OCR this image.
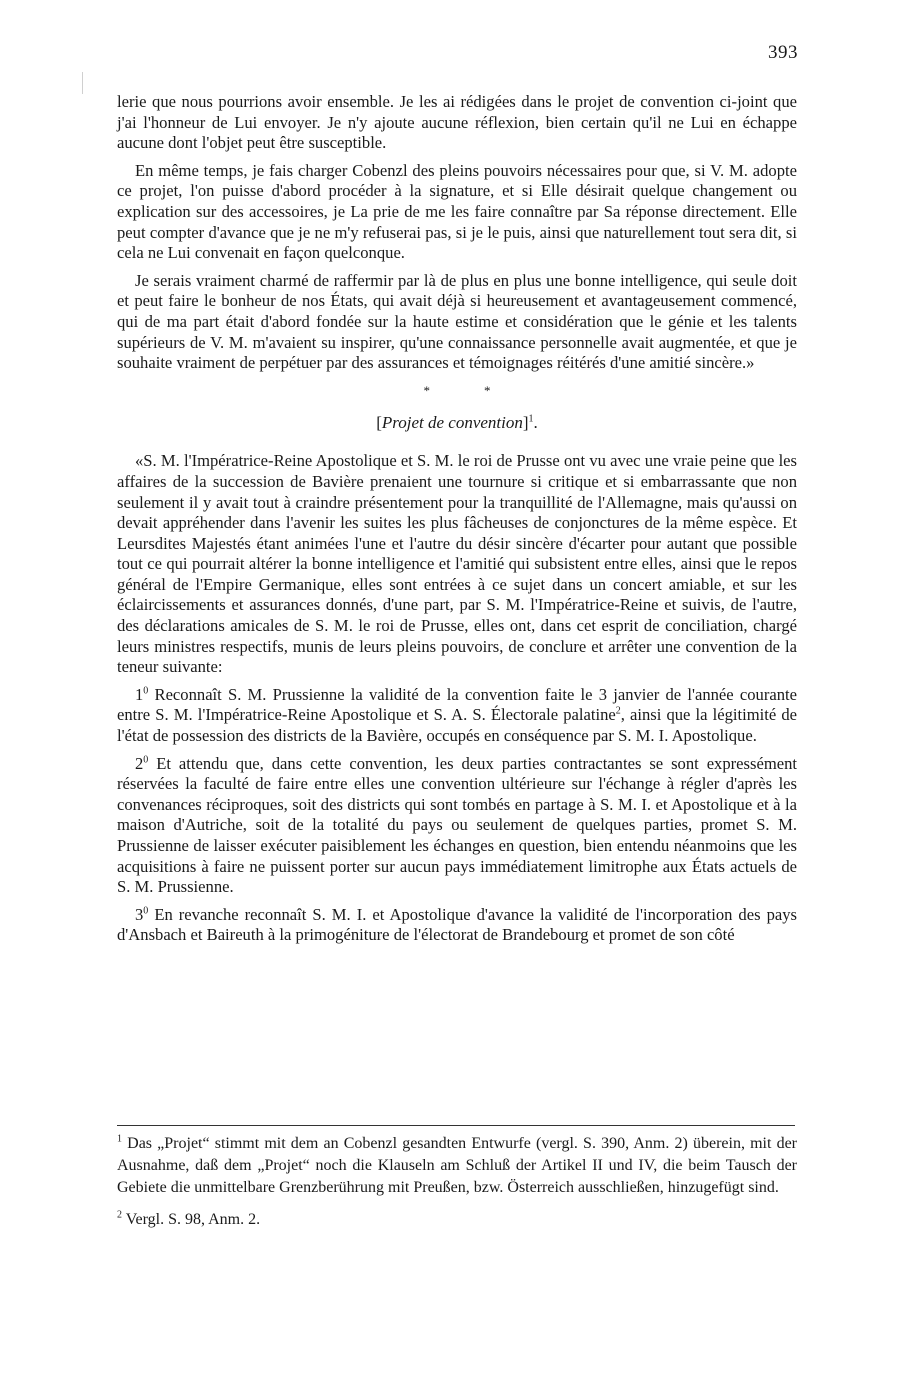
393

lerie que nous pourrions avoir ensemble. Je les ai rédigées dans le projet de convention ci-joint que j'ai l'honneur de Lui envoyer. Je n'y ajoute aucune réflexion, bien certain qu'il ne Lui en échappe aucune dont l'objet peut être susceptible.

En même temps, je fais charger Cobenzl des pleins pouvoirs nécessaires pour que, si V. M. adopte ce projet, l'on puisse d'abord procéder à la signature, et si Elle désirait quelque changement ou explication sur des accessoires, je La prie de me les faire connaître par Sa réponse directement. Elle peut compter d'avance que je ne m'y refuserai pas, si je le puis, ainsi que naturellement tout sera dit, si cela ne Lui convenait en façon quelconque.

Je serais vraiment charmé de raffermir par là de plus en plus une bonne intelligence, qui seule doit et peut faire le bonheur de nos États, qui avait déjà si heureusement et avantageusement commencé, qui de ma part était d'abord fondée sur la haute estime et considération que le génie et les talents supérieurs de V. M. m'avaient su inspirer, qu'une connaissance personnelle avait augmentée, et que je souhaite vraiment de perpétuer par des assurances et témoignages réitérés d'une amitié sincère.»

*	*
[Projet de convention]$^1$.

«S. M. l'Impératrice-Reine Apostolique et S. M. le roi de Prusse ont vu avec une vraie peine que les affaires de la succession de Bavière prenaient une tournure si critique et si embarrassante que non seulement il y avait tout à craindre présentement pour la tranquillité de l'Allemagne, mais qu'aussi on devait appréhender dans l'avenir les suites les plus fâcheuses de conjonctures de la même espèce. Et Leursdites Majestés étant animées l'une et l'autre du désir sincère d'écarter pour autant que possible tout ce qui pourrait altérer la bonne intelligence et l'amitié qui subsistent entre elles, ainsi que le repos général de l'Empire Germanique, elles sont entrées à ce sujet dans un concert amiable, et sur les éclaircissements et assurances donnés, d'une part, par S. M. l'Impératrice-Reine et suivis, de l'autre, des déclarations amicales de S. M. le roi de Prusse, elles ont, dans cet esprit de conciliation, chargé leurs ministres respectifs, munis de leurs pleins pouvoirs, de conclure et arrêter une convention de la teneur suivante:

$1^0$ Reconnaît S. M. Prussienne la validité de la convention faite le 3 janvier de l'année courante entre S. M. l'Impératrice-Reine Apostolique et S. A. S. Électorale palatine$^2$, ainsi que la légitimité de l'état de possession des districts de la Bavière, occupés en conséquence par S. M. I. Apostolique.

$2^0$ Et attendu que, dans cette convention, les deux parties contractantes se sont expressément réservées la faculté de faire entre elles une convention ultérieure sur l'échange à régler d'après les convenances réciproques, soit des districts qui sont tombés en partage à S. M. I. et Apostolique et à la maison d'Autriche, soit de la totalité du pays ou seulement de quelques parties, promet S. M. Prussienne de laisser exécuter paisiblement les échanges en question, bien entendu néanmoins que les acquisitions à faire ne puissent porter sur aucun pays immédiatement limitrophe aux États actuels de S. M. Prussienne.

$3^0$ En revanche reconnaît S. M. I. et Apostolique d'avance la validité de l'incorporation des pays d'Ansbach et Baireuth à la primogéniture de l'électorat de Brandebourg et promet de son côté

$^1$ Das „Projet“ stimmt mit dem an Cobenzl gesandten Entwurfe (vergl. S. 390, Anm. 2) überein, mit der Ausnahme, daß dem „Projet“ noch die Klauseln am Schluß der Artikel II und IV, die beim Tausch der Gebiete die unmittelbare Grenzberührung mit Preußen, bzw. Österreich ausschließen, hinzugefügt sind.

$^2$ Vergl. S. 98, Anm. 2.
